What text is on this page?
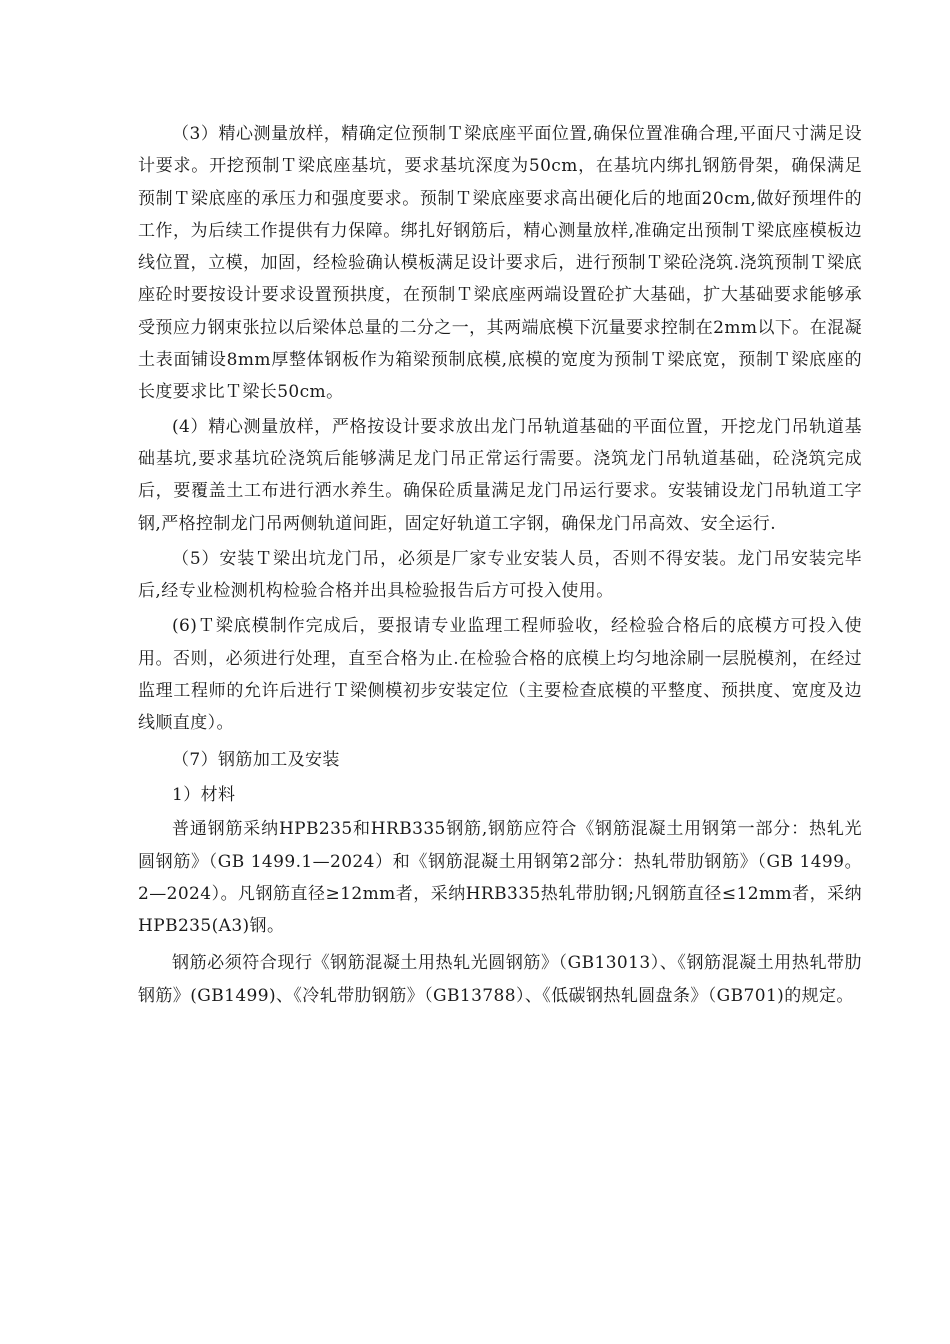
（3）精心测量放样，精确定位预制Ｔ梁底座平面位置,确保位置准确合理,平面尺寸满足设计要求。开挖预制Ｔ梁底座基坑，要求基坑深度为50cm，在基坑内绑扎钢筋骨架，确保满足预制Ｔ梁底座的承压力和强度要求。预制Ｔ梁底座要求高出硬化后的地面20cm,做好预埋件的工作，为后续工作提供有力保障。绑扎好钢筋后，精心测量放样,准确定出预制Ｔ梁底座模板边线位置，立模，加固，经检验确认模板满足设计要求后，进行预制Ｔ梁砼浇筑.浇筑预制Ｔ梁底座砼时要按设计要求设置预拱度，在预制Ｔ梁底座两端设置砼扩大基础，扩大基础要求能够承受预应力钢束张拉以后梁体总量的二分之一，其两端底模下沉量要求控制在2mm以下。在混凝土表面铺设8mm厚整体钢板作为箱梁预制底模,底模的宽度为预制Ｔ梁底宽，预制Ｔ梁底座的长度要求比Ｔ梁长50cm。

(4）精心测量放样，严格按设计要求放出龙门吊轨道基础的平面位置，开挖龙门吊轨道基础基坑,要求基坑砼浇筑后能够满足龙门吊正常运行需要。浇筑龙门吊轨道基础，砼浇筑完成后，要覆盖土工布进行洒水养生。确保砼质量满足龙门吊运行要求。安装铺设龙门吊轨道工字钢,严格控制龙门吊两侧轨道间距，固定好轨道工字钢，确保龙门吊高效、安全运行.

（5）安装Ｔ梁出坑龙门吊，必须是厂家专业安装人员，否则不得安装。龙门吊安装完毕后,经专业检测机构检验合格并出具检验报告后方可投入使用。

(6)Ｔ梁底模制作完成后，要报请专业监理工程师验收，经检验合格后的底模方可投入使用。否则，必须进行处理，直至合格为止.在检验合格的底模上均匀地涂刷一层脱模剂，在经过监理工程师的允许后进行Ｔ梁侧模初步安装定位（主要检查底模的平整度、预拱度、宽度及边线顺直度）。

（7）钢筋加工及安装

1）材料

普通钢筋采纳HPB235和HRB335钢筋,钢筋应符合《钢筋混凝土用钢第一部分：热轧光圆钢筋》（GB 1499.1—2024）和《钢筋混凝土用钢第2部分：热轧带肋钢筋》（GB 1499。2—2024）。凡钢筋直径≥12mm者，采纳HRB335热轧带肋钢;凡钢筋直径≤12mm者，采纳HPB235(A3)钢。

钢筋必须符合现行《钢筋混凝土用热轧光圆钢筋》（GB13013）、《钢筋混凝土用热轧带肋钢筋》(GB1499)、《冷轧带肋钢筋》（GB13788）、《低碳钢热轧圆盘条》（GB701)的规定。
